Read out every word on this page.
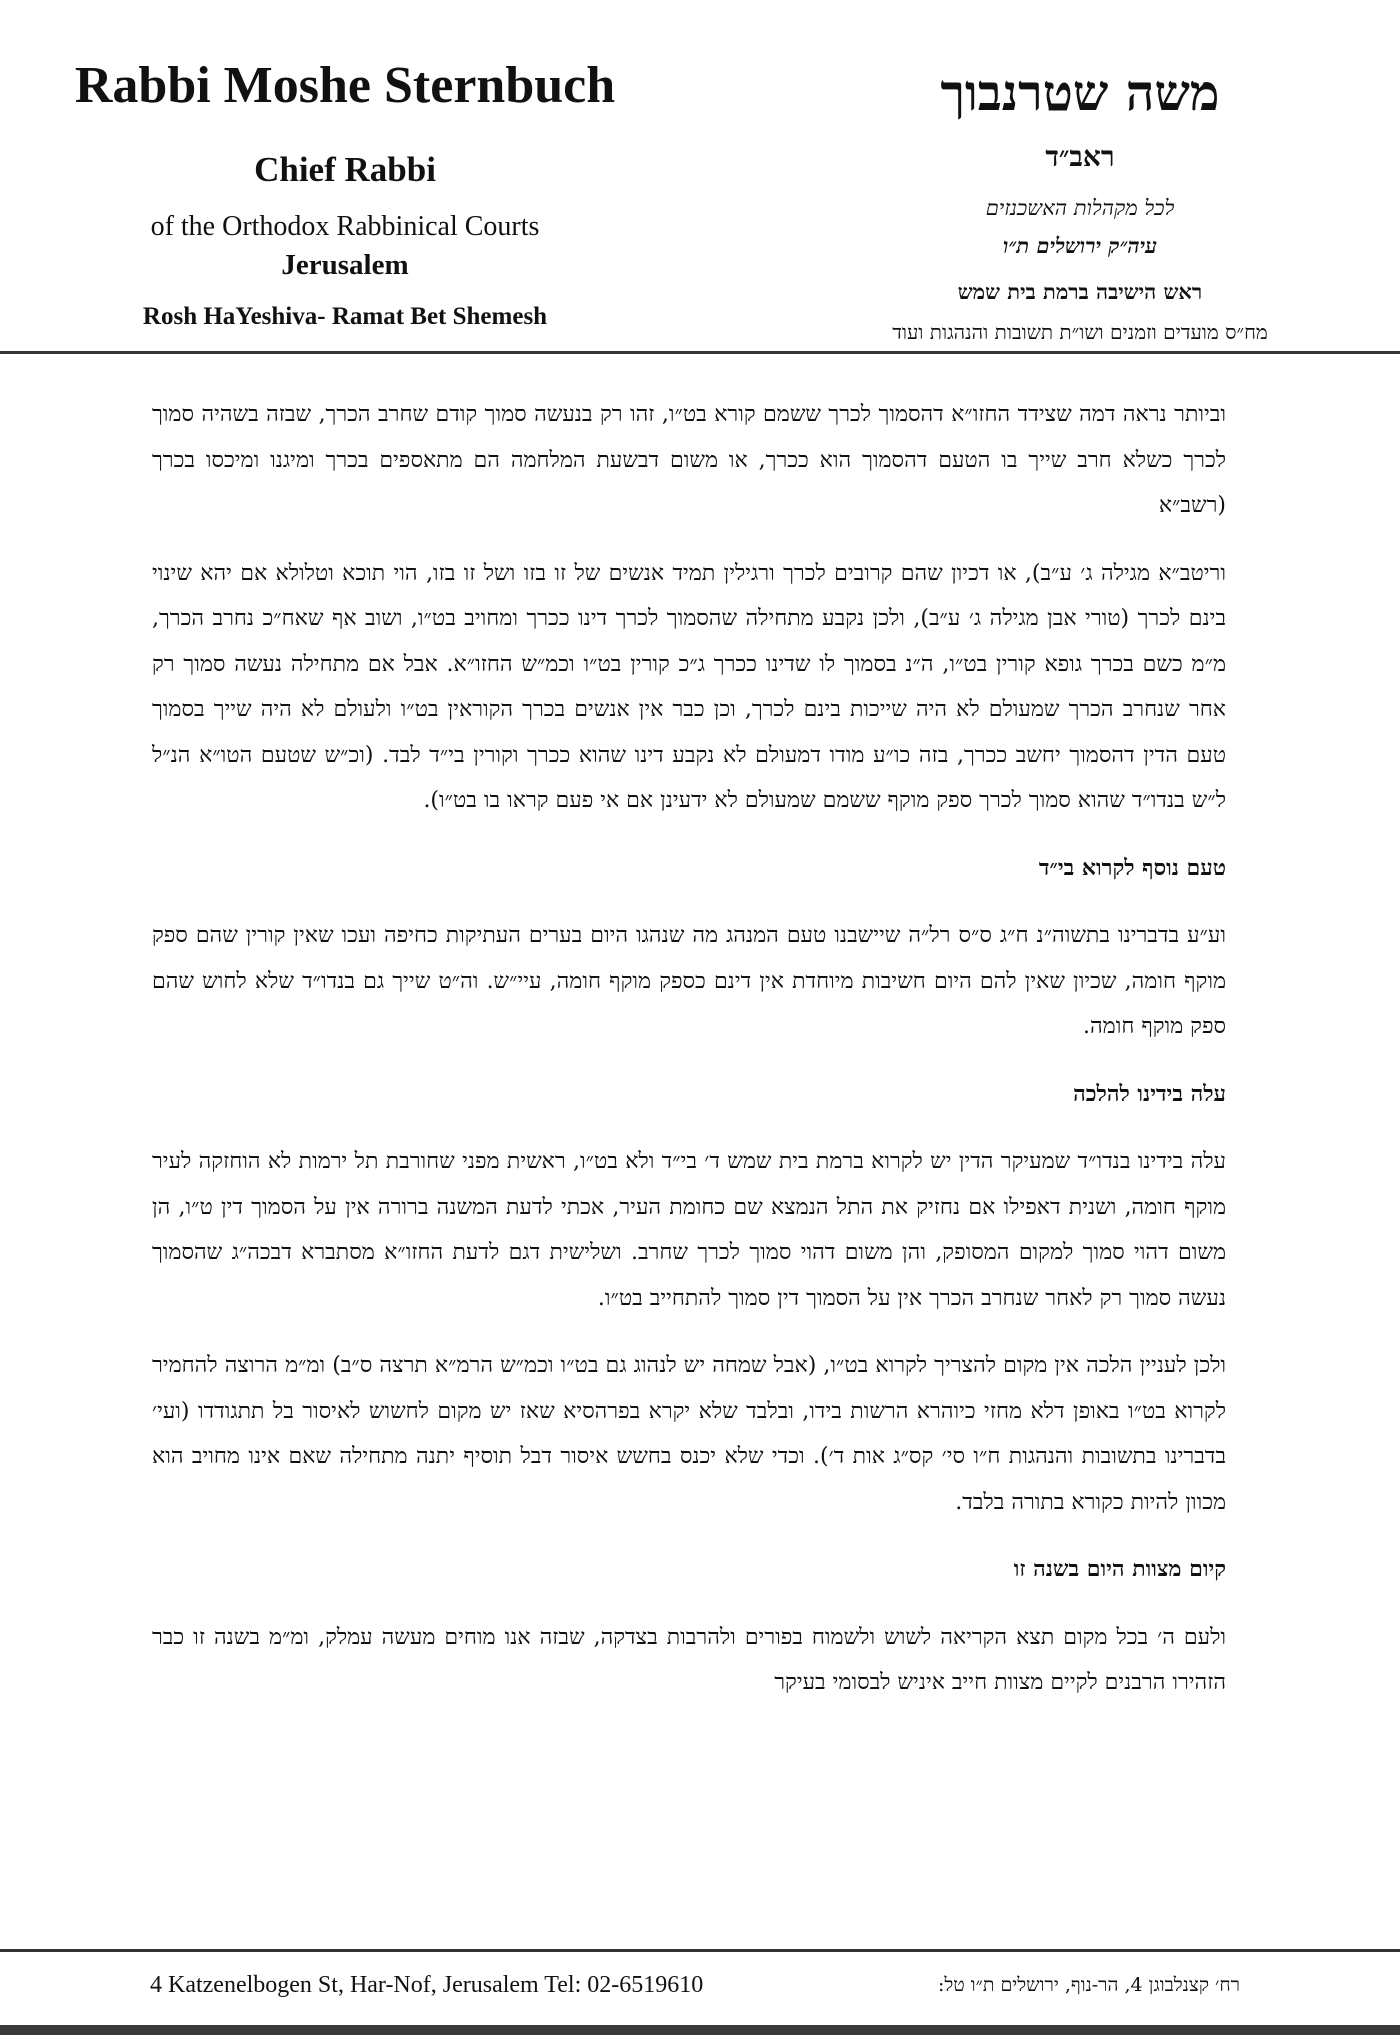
Rabbi Moshe Sternbuch
Chief Rabbi
of the Orthodox Rabbinical Courts
Jerusalem
Rosh HaYeshiva- Ramat Bet Shemesh
משה שטרנבוך
ראב״ד
לכל מקהלות האשכנזים
עיה״ק ירושלים ת״ו
ראש הישיבה ברמת בית שמש
מח״ס מועדים וזמנים ושו״ת תשובות והנהגות ועוד

וביותר נראה דמה שצידד החזו״א דהסמוך לכרך ששמם קורא בט״ו, זהו רק בנעשה סמוך קודם שחרב הכרך, שבזה בשהיה סמוך לכרך כשלא חרב שייך בו הטעם דהסמוך הוא ככרך, או משום דבשעת המלחמה הם מתאספים בכרך ומיגנו ומיכסו בכרך (רשב״א

וריטב״א מגילה ג׳ ע״ב), או דכיון שהם קרובים לכרך ורגילין תמיד אנשים של זו בזו ושל זו בזו, הוי תוכא וטלולא אם יהא שינוי בינם לכרך (טורי אבן מגילה ג׳ ע״ב), ולכן נקבע מתחילה שהסמוך לכרך דינו ככרך ומחויב בט״ו, ושוב אף שאח״כ נחרב הכרך, מ״מ כשם בכרך גופא קורין בט״ו, ה״נ בסמוך לו שדינו ככרך ג״כ קורין בט״ו וכמ״ש החזו״א. אבל אם מתחילה נעשה סמוך רק אחר שנחרב הכרך שמעולם לא היה שייכות בינם לכרך, וכן כבר אין אנשים בכרך הקוראין בט״ו ולעולם לא היה שייך בסמוך טעם הדין דהסמוך יחשב ככרך, בזה כו״ע מודו דמעולם לא נקבע דינו שהוא ככרך וקורין בי״ד לבד. (וכ״ש שטעם הטו״א הנ״ל ל״ש בנדו״ד שהוא סמוך לכרך ספק מוקף ששמם שמעולם לא ידעינן אם אי פעם קראו בו בט״ו).

טעם נוסף לקרוא בי״ד

וע״ע בדברינו בתשוה״נ ח״ג ס״ס רל״ה שיישבנו טעם המנהג מה שנהגו היום בערים העתיקות כחיפה ועכו שאין קורין שהם ספק מוקף חומה, שכיון שאין להם היום חשיבות מיוחדת אין דינם כספק מוקף חומה, עיי״ש. וה״ט שייך גם בנדו״ד שלא לחוש שהם ספק מוקף חומה.

עלה בידינו להלכה

עלה בידינו בנדו״ד שמעיקר הדין יש לקרוא ברמת בית שמש ד׳ בי״ד ולא בט״ו, ראשית מפני שחורבת תל ירמות לא הוחזקה לעיר מוקף חומה, ושנית דאפילו אם נחזיק את התל הנמצא שם כחומת העיר, אכתי לדעת המשנה ברורה אין על הסמוך דין ט״ו, הן משום דהוי סמוך למקום המסופק, והן משום דהוי סמוך לכרך שחרב. ושלישית דגם לדעת החזו״א מסתברא דבכה״ג שהסמוך נעשה סמוך רק לאחר שנחרב הכרך אין על הסמוך דין סמוך להתחייב בט״ו.

ולכן לעניין הלכה אין מקום להצריך לקרוא בט״ו, (אבל שמחה יש לנהוג גם בט״ו וכמ״ש הרמ״א תרצה ס״ב) ומ״מ הרוצה להחמיר לקרוא בט״ו באופן דלא מחזי כיוהרא הרשות בידו, ובלבד שלא יקרא בפרהסיא שאז יש מקום לחשוש לאיסור בל תתגודדו (ועי׳ בדברינו בתשובות והנהגות ח״ו סי׳ קס״ג אות ד׳). וכדי שלא יכנס בחשש איסור דבל תוסיף יתנה מתחילה שאם אינו מחויב הוא מכוון להיות כקורא בתורה בלבד.

קיום מצוות היום בשנה זו

ולעם ה׳ בכל מקום תצא הקריאה לשוש ולשמוח בפורים ולהרבות בצדקה, שבזה אנו מוחים מעשה עמלק, ומ״מ בשנה זו כבר הזהירו הרבנים לקיים מצוות חייב איניש לבסומי בעיקר

4 Katzenelbogen St, Har-Nof, Jerusalem Tel: 02-6519610	רח׳ קצנלבוגן 4, הר-נוף, ירושלים ת״ו טל:
